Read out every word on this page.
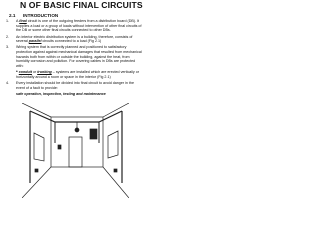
N OF BASIC FINAL CIRCUITS
2.1 INTRODUCTION
1. A final circuit is one of the outgoing feeders from a distribution board (DB). It supplies a load or a group of loads without intervention of other final circuits of the DB or some other final circuits connected to other DBs.
2. An interior electric distribution system is a building, therefore, consists of several parallel circuits connected to a load (Fig 2.1)
3. Wiring system that is correctly planned and positioned to satisfactory protection against against mechanical damages that resulted from mechanical hazards both from within or outside the building, against the heat, from humidity corrosion and pollution. For covering cables in DBs are protected with:
• conduit or trunking – systems are installed which are erected vertically or horizontally around a room or space in the interior (Fig 2.1)
4. Every installation should be divided into final circuit to avoid danger in the event of a fault to provide:
safe operation, inspection, testing and maintenance
